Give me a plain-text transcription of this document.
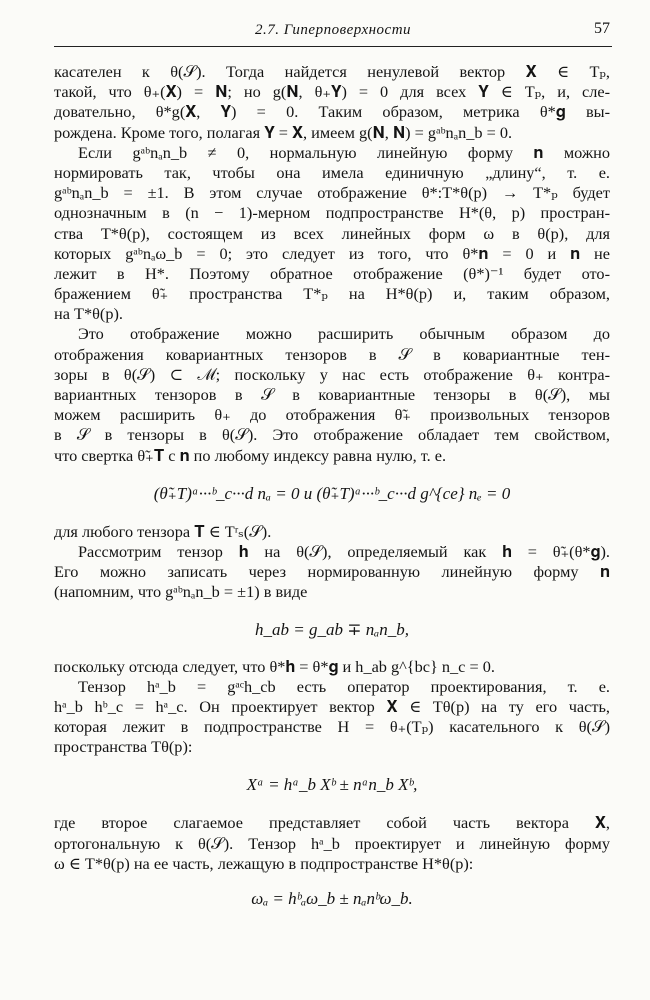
2.7. Гиперповерхности	57
касателен к θ(𝒮). Тогда найдется ненулевой вектор 𝐗 ∈ Tₚ,
такой, что θ₊(𝐗) = 𝐍; но g(𝐍, θ₊𝐘) = 0 для всех 𝐘 ∈ Tₚ, и, сле-
довательно, θ*g(𝐗, 𝐘) = 0. Таким образом, метрика θ*𝐠 вы-
рождена. Кроме того, полагая 𝐘 = 𝐗, имеем g(𝐍, 𝐍) = gᵃᵇnₐn_b = 0.
Если gᵃᵇnₐn_b ≠ 0, нормальную линейную форму 𝐧 можно
нормировать так, чтобы она имела единичную „длину“, т. е.
gᵃᵇnₐn_b = ±1. В этом случае отображение θ*:T*θ(p) → T*ₚ будет
однозначным в (n − 1)-мерном подпространстве H*(θ, p) простран-
ства T*θ(p), состоящем из всех линейных форм ω в θ(p), для
которых gᵃᵇnₐω_b = 0; это следует из того, что θ*𝐧 = 0 и 𝐧 не
лежит в H*. Поэтому обратное отображение (θ*)⁻¹ будет ото-
бражением θ̃₊ пространства T*ₚ на H*θ(p) и, таким образом,
на T*θ(p).
Это отображение можно расширить обычным образом до
отображения ковариантных тензоров в 𝒮 в ковариантные тен-
зоры в θ(𝒮) ⊂ ℳ; поскольку у нас есть отображение θ₊ контра-
вариантных тензоров в 𝒮 в ковариантные тензоры в θ(𝒮), мы
можем расширить θ₊ до отображения θ̃₊ произвольных тензоров
в 𝒮 в тензоры в θ(𝒮). Это отображение обладает тем свойством,
что свертка θ̃₊𝐓 с 𝐧 по любому индексу равна нулю, т. е.
(θ̃₊T)ᵃ···ᵇ_c···d nₐ = 0 и (θ̃₊T)ᵃ···ᵇ_c···d g^{ce} nₑ = 0
для любого тензора 𝐓 ∈ Tʳₛ(𝒮).
Рассмотрим тензор 𝐡 на θ(𝒮), определяемый как 𝐡 = θ̃₊(θ*𝐠).
Его можно записать через нормированную линейную форму 𝐧
(напомним, что gᵃᵇnₐn_b = ±1) в виде
h_ab = g_ab ∓ nₐn_b,
поскольку отсюда следует, что θ*𝐡 = θ*𝐠 и h_ab g^{bc} n_c = 0.
Тензор hᵃ_b = gᵃᶜh_cb есть оператор проектирования, т. е.
hᵃ_b hᵇ_c = hᵃ_c. Он проектирует вектор 𝐗 ∈ Tθ(p) на ту его часть,
которая лежит в подпространстве H = θ₊(Tₚ) касательного к θ(𝒮)
пространства Tθ(p):
Xᵃ = hᵃ_b Xᵇ ± nᵃn_b Xᵇ,
где второе слагаемое представляет собой часть вектора 𝐗,
ортогональную к θ(𝒮). Тензор hᵃ_b проектирует и линейную форму
ω ∈ T*θ(p) на ее часть, лежащую в подпространстве H*θ(p):
ωₐ = hᵇₐω_b ± nₐnᵇω_b.
